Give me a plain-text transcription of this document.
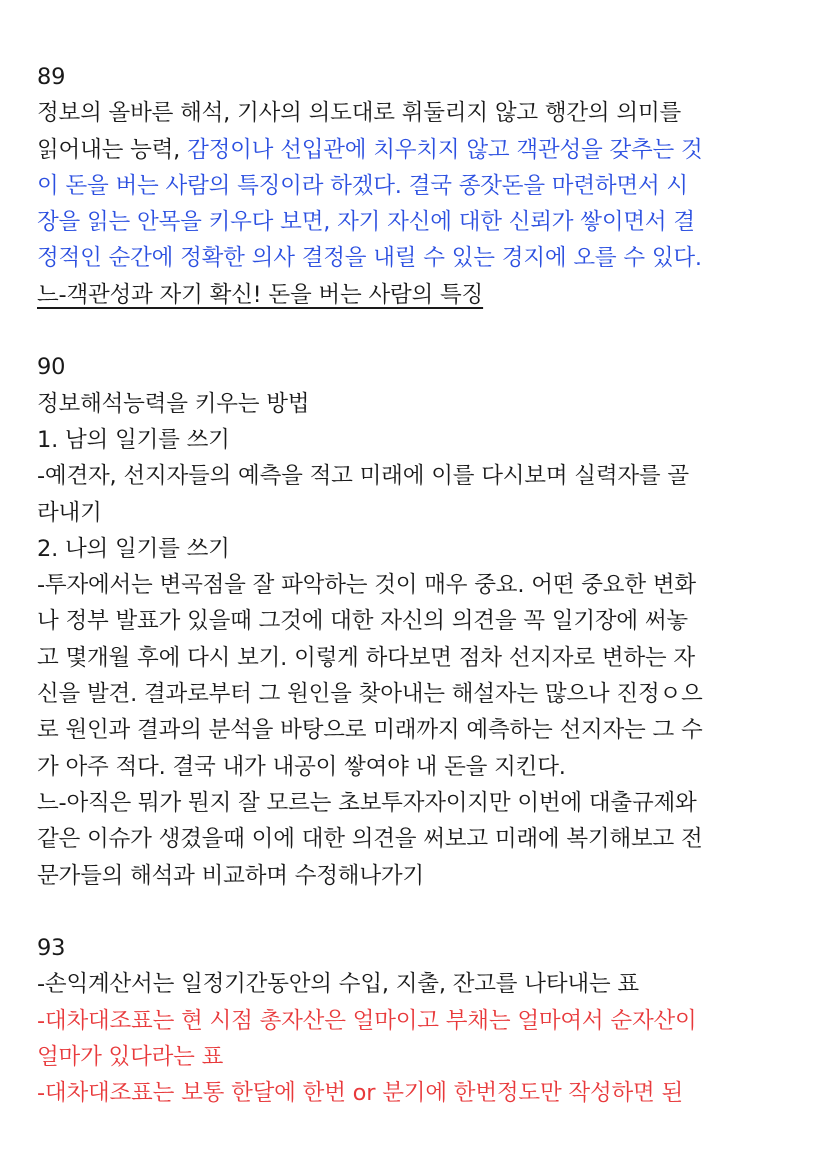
89
정보의 올바른 해석, 기사의 의도대로 휘둘리지 않고 행간의 의미를
읽어내는 능력, 감정이나 선입관에 치우치지 않고 객관성을 갖추는 것
이 돈을 버는 사람의 특징이라 하겠다. 결국 종잣돈을 마련하면서 시
장을 읽는 안목을 키우다 보면, 자기 자신에 대한 신뢰가 쌓이면서 결
정적인 순간에 정확한 의사 결정을 내릴 수 있는 경지에 오를 수 있다.
느-객관성과 자기 확신! 돈을 버는 사람의 특징
90
정보해석능력을 키우는 방법
1. 남의 일기를 쓰기
-예견자, 선지자들의 예측을 적고 미래에 이를 다시보며 실력자를 골
라내기
2. 나의 일기를 쓰기
-투자에서는 변곡점을 잘 파악하는 것이 매우 중요. 어떤 중요한 변화
나 정부 발표가 있을때 그것에 대한 자신의 의견을 꼭 일기장에 써놓
고 몇개월 후에 다시 보기. 이렇게 하다보면 점차 선지자로 변하는 자
신을 발견. 결과로부터 그 원인을 찾아내는 해설자는 많으나 진정ㅇ으
로 원인과 결과의 분석을 바탕으로 미래까지 예측하는 선지자는 그 수
가 아주 적다. 결국 내가 내공이 쌓여야 내 돈을 지킨다.
느-아직은 뭐가 뭔지 잘 모르는 초보투자자이지만 이번에 대출규제와
같은 이슈가 생겼을때 이에 대한 의견을 써보고 미래에 복기해보고 전
문가들의 해석과 비교하며 수정해나가기
93
-손익계산서는 일정기간동안의 수입, 지출, 잔고를 나타내는 표
-대차대조표는 현 시점 총자산은 얼마이고 부채는 얼마여서 순자산이
얼마가 있다라는 표
-대차대조표는 보통 한달에 한번 or 분기에 한번정도만 작성하면 된
